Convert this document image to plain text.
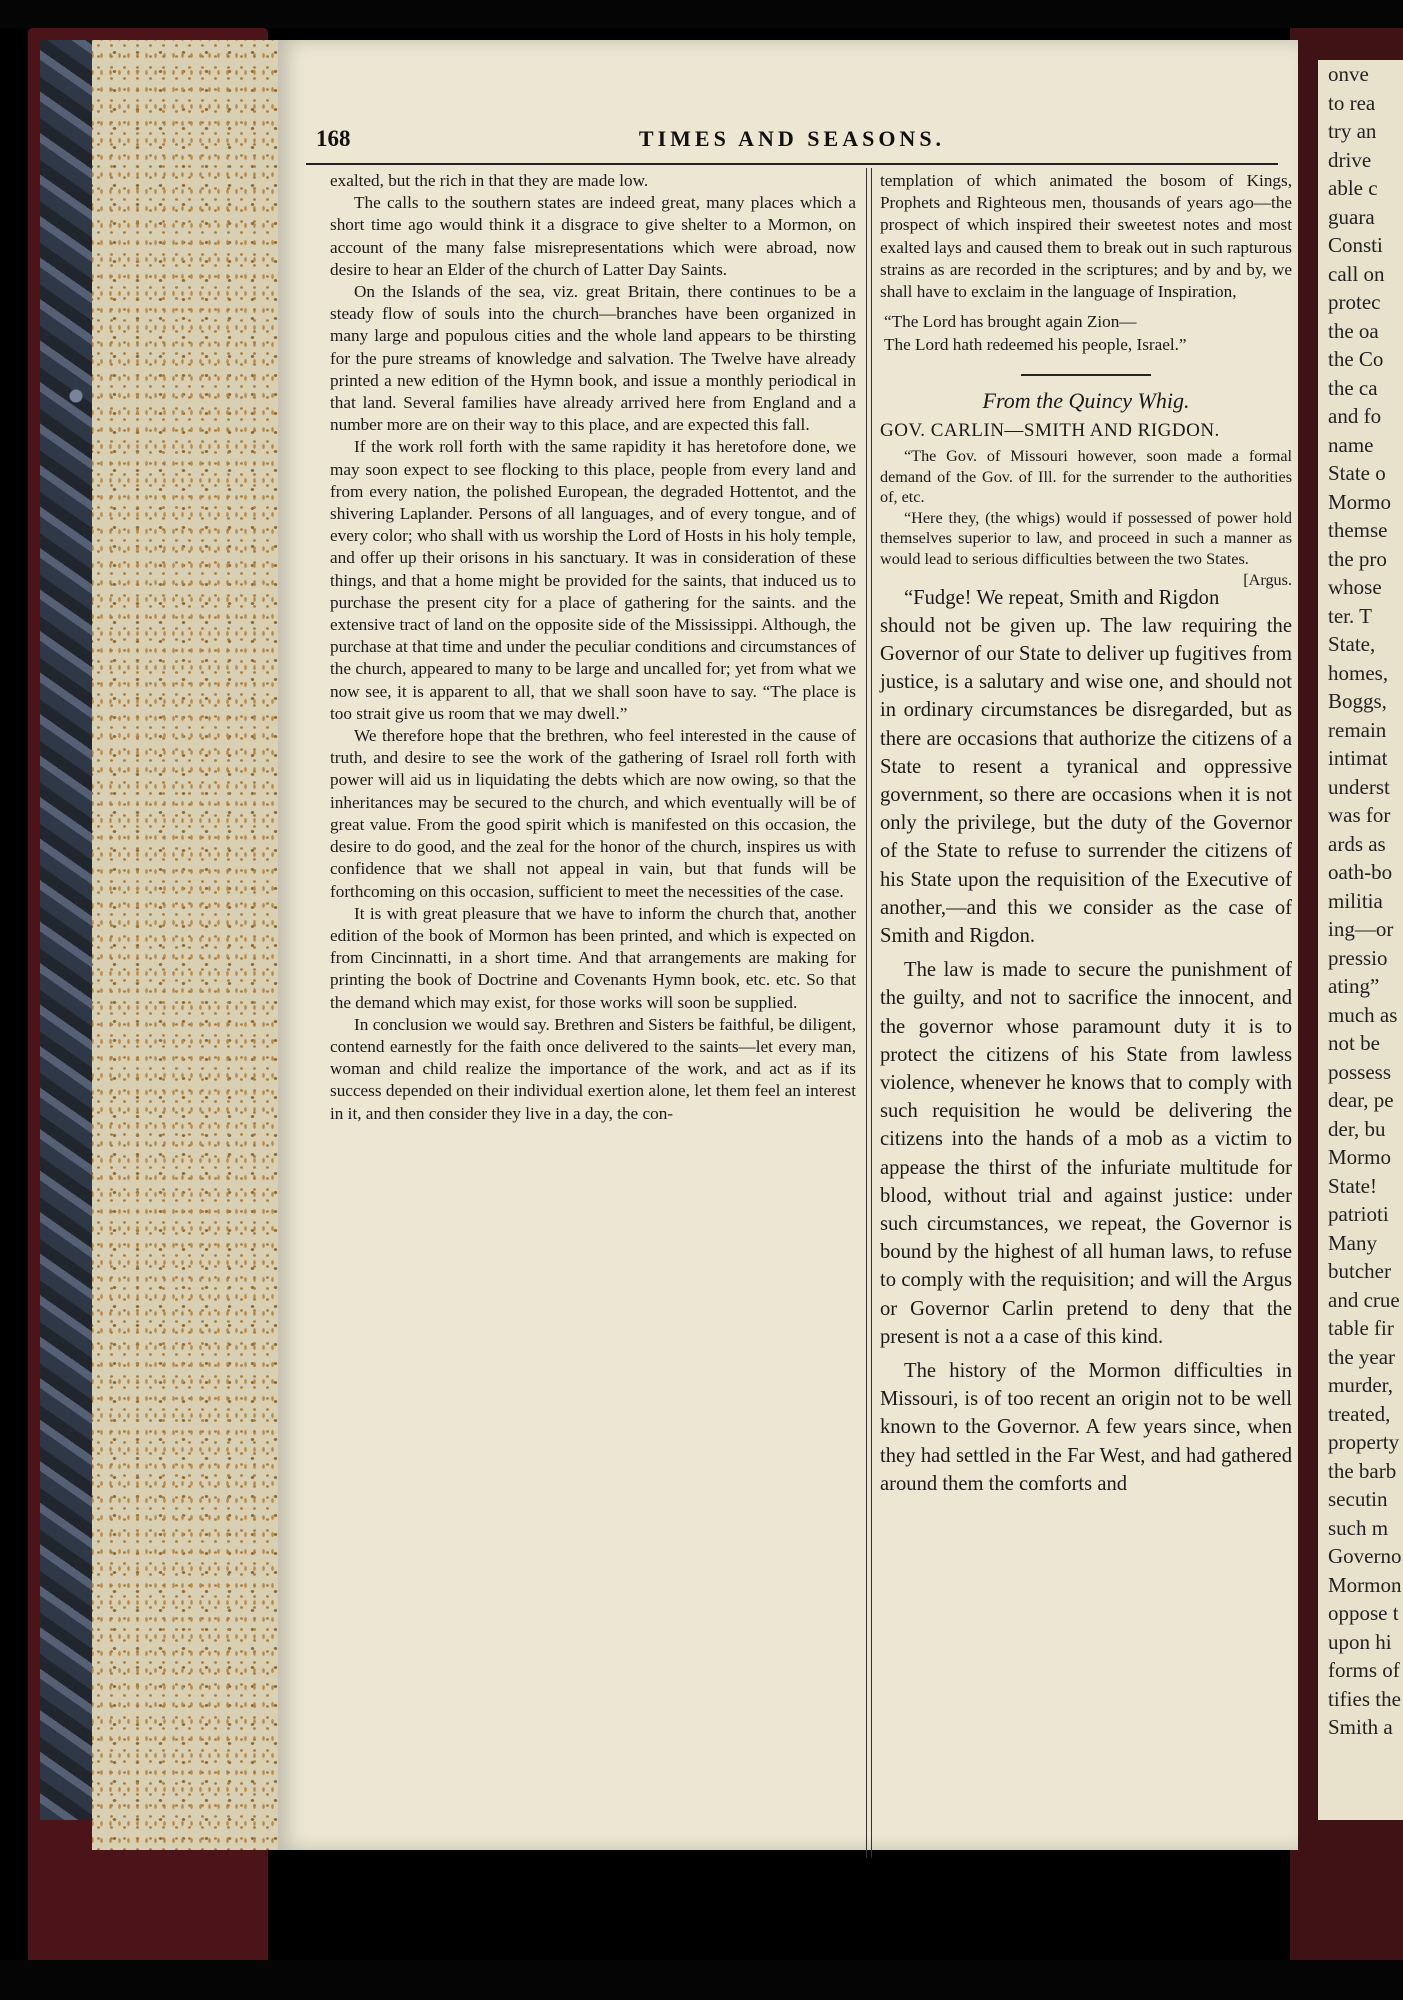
onve
to rea
try an
drive
able c
guara
Consti
call on
protec
the oa
the Co
the ca
and fo
name
State o
Mormo
themse
the pro
whose
ter. T
State,
homes,
Boggs,
remain
intimat
underst
was for
ards as
oath-bo
militia
ing—or
pressio
ating”
much as
not be
possess
dear, pe
der, bu
Mormo
State!
patrioti
Many
butcher
and crue
table fir
the year
murder,
treated,
property
the barb
secutin
such m
Governo
Mormon
oppose t
upon hi
forms of
tifies the
Smith a
168	TIMES AND SEASONS.

exalted, but the rich in that they are made low.

The calls to the southern states are indeed great, many places which a short time ago would think it a disgrace to give shelter to a Mormon, on account of the many false misrepresentations which were abroad, now desire to hear an Elder of the church of Latter Day Saints.

On the Islands of the sea, viz. great Britain, there continues to be a steady flow of souls into the church—branches have been organized in many large and populous cities and the whole land appears to be thirsting for the pure streams of knowledge and salvation. The Twelve have already printed a new edition of the Hymn book, and issue a monthly periodical in that land. Several families have already arrived here from England and a number more are on their way to this place, and are expected this fall.

If the work roll forth with the same rapidity it has heretofore done, we may soon expect to see flocking to this place, people from every land and from every nation, the polished European, the degraded Hottentot, and the shivering Laplander. Persons of all languages, and of every tongue, and of every color; who shall with us worship the Lord of Hosts in his holy temple, and offer up their orisons in his sanctuary. It was in consideration of these things, and that a home might be provided for the saints, that induced us to purchase the present city for a place of gathering for the saints. and the extensive tract of land on the opposite side of the Mississippi. Although, the purchase at that time and under the peculiar conditions and circumstances of the church, appeared to many to be large and uncalled for; yet from what we now see, it is apparent to all, that we shall soon have to say. “The place is too strait give us room that we may dwell.”

We therefore hope that the brethren, who feel interested in the cause of truth, and desire to see the work of the gathering of Israel roll forth with power will aid us in liquidating the debts which are now owing, so that the inheritances may be secured to the church, and which eventually will be of great value. From the good spirit which is manifested on this occasion, the desire to do good, and the zeal for the honor of the church, inspires us with confidence that we shall not appeal in vain, but that funds will be forthcoming on this occasion, sufficient to meet the necessities of the case.

It is with great pleasure that we have to inform the church that, another edition of the book of Mormon has been printed, and which is expected on from Cincinnatti, in a short time. And that arrangements are making for printing the book of Doctrine and Covenants Hymn book, etc. etc. So that the demand which may exist, for those works will soon be supplied.

In conclusion we would say. Brethren and Sisters be faithful, be diligent, contend earnestly for the faith once delivered to the saints—let every man, woman and child realize the importance of the work, and act as if its success depended on their individual exertion alone, let them feel an interest in it, and then consider they live in a day, the con-

templation of which animated the bosom of Kings, Prophets and Righteous men, thousands of years ago—the prospect of which inspired their sweetest notes and most exalted lays and caused them to break out in such rapturous strains as are recorded in the scriptures; and by and by, we shall have to exclaim in the language of Inspiration,

“The Lord has brought again Zion—
The Lord hath redeemed his people, Israel.”
From the Quincy Whig.
GOV. CARLIN—SMITH AND RIGDON.

“The Gov. of Missouri however, soon made a formal demand of the Gov. of Ill. for the surrender to the authorities of, etc.

“Here they, (the whigs) would if possessed of power hold themselves superior to law, and proceed in such a manner as would lead to serious difficulties between the two States.
[Argus.

“Fudge! We repeat, Smith and Rigdon should not be given up. The law requiring the Governor of our State to deliver up fugitives from justice, is a salutary and wise one, and should not in ordinary circumstances be disregarded, but as there are occasions that authorize the citizens of a State to resent a tyranical and oppressive government, so there are occasions when it is not only the privilege, but the duty of the Governor of the State to refuse to surrender the citizens of his State upon the requisition of the Executive of another,—and this we consider as the case of Smith and Rigdon.

The law is made to secure the punishment of the guilty, and not to sacrifice the innocent, and the governor whose paramount duty it is to protect the citizens of his State from lawless violence, whenever he knows that to comply with such requisition he would be delivering the citizens into the hands of a mob as a victim to appease the thirst of the infuriate multitude for blood, without trial and against justice: under such circumstances, we repeat, the Governor is bound by the highest of all human laws, to refuse to comply with the requisition; and will the Argus or Governor Carlin pretend to deny that the present is not a a case of this kind.

The history of the Mormon difficulties in Missouri, is of too recent an origin not to be well known to the Governor. A few years since, when they had settled in the Far West, and had gathered around them the comforts and
